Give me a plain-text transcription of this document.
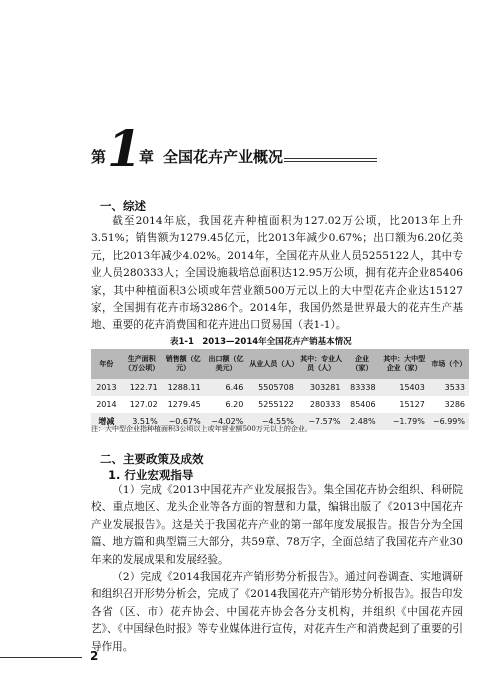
第 1
章 全国花卉产业概况
一、综述

截至2014年底，我国花卉种植面积为127.02万公顷，比2013年上升3.51%；销售额为1279.45亿元，比2013年减少0.67%；出口额为6.20亿美元，比2013年减少4.02%。2014年，全国花卉从业人员5255122人，其中专业人员280333人；全国设施栽培总面积达12.95万公顷，拥有花卉企业85406家，其中种植面积3公顷或年营业额500万元以上的大中型花卉企业达15127家，全国拥有花卉市场3286个。2014年，我国仍然是世界最大的花卉生产基地、重要的花卉消费国和花卉进出口贸易国（表1-1）。

表1-1　2013—2014年全国花卉产销基本情况
年份	生产面积（万公顷）	销售额（亿元）	出口额（亿美元）	从业人员（人）	其中：专业人员（人）	企业（家）	其中：大中型企业（家）	市场（个）
2013	122.71	1288.11	6.46	5505708	303281	83338	15403	3533
2014	127.02	1279.45	6.20	5255122	280333	85406	15127	3286
增减	3.51%	−0.67%	−4.02%	−4.55%	−7.57%	2.48%	−1.79%	−6.99%
注：大中型企业指种植面积3公顷以上或年营业额500万元以上的企业。
二、主要政策及成效
1. 行业宏观指导

（1）完成《2013中国花卉产业发展报告》。集全国花卉协会组织、科研院校、重点地区、龙头企业等各方面的智慧和力量，编辑出版了《2013中国花卉产业发展报告》。这是关于我国花卉产业的第一部年度发展报告。报告分为全国篇、地方篇和典型篇三大部分，共59章、78万字，全面总结了我国花卉产业30年来的发展成果和发展经验。

（2）完成《2014我国花卉产销形势分析报告》。通过问卷调查、实地调研和组织召开形势分析会，完成了《2014我国花卉产销形势分析报告》。报告印发各省（区、市）花卉协会、中国花卉协会各分支机构，并组织《中国花卉园艺》、《中国绿色时报》等专业媒体进行宣传，对花卉生产和消费起到了重要的引导作用。

2
